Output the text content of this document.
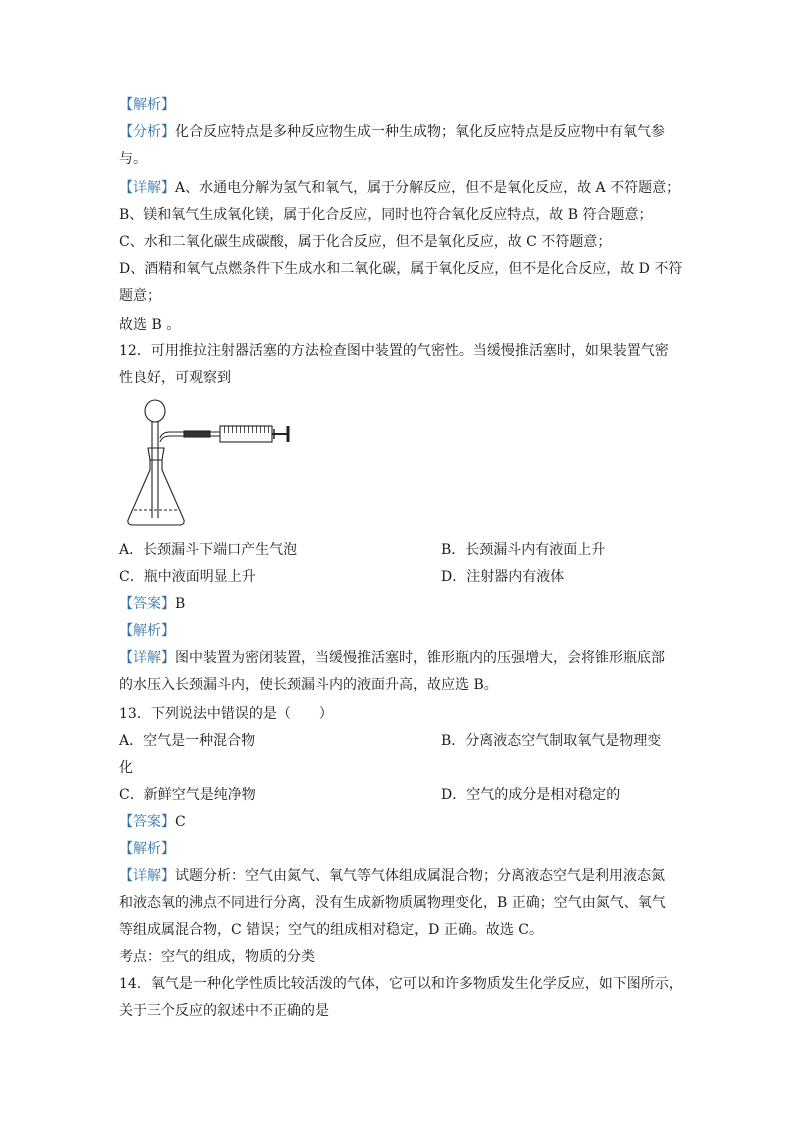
【解析】
【分析】化合反应特点是多种反应物生成一种生成物；氧化反应特点是反应物中有氧气参
与。
【详解】A、水通电分解为氢气和氧气，属于分解反应，但不是氧化反应，故 A 不符题意；
B、镁和氧气生成氧化镁，属于化合反应，同时也符合氧化反应特点，故 B 符合题意；
C、水和二氧化碳生成碳酸，属于化合反应，但不是氧化反应，故 C 不符题意；
D、酒精和氧气点燃条件下生成水和二氧化碳，属于氧化反应，但不是化合反应，故 D 不符
题意；
故选 B 。
12．可用推拉注射器活塞的方法检查图中装置的气密性。当缓慢推活塞时，如果装置气密
性良好，可观察到
A．长颈漏斗下端口产生气泡	B．长颈漏斗内有液面上升
C．瓶中液面明显上升	D．注射器内有液体
【答案】B
【解析】
【详解】图中装置为密闭装置，当缓慢推活塞时，锥形瓶内的压强增大，会将锥形瓶底部
的水压入长颈漏斗内，使长颈漏斗内的液面升高，故应选 B。
13．下列说法中错误的是（　　）
A．空气是一种混合物	B．分离液态空气制取氧气是物理变
化
C．新鲜空气是纯净物	D．空气的成分是相对稳定的
【答案】C
【解析】
【详解】试题分析：空气由氮气、氧气等气体组成属混合物；分离液态空气是利用液态氮
和液态氧的沸点不同进行分离，没有生成新物质属物理变化，B 正确；空气由氮气、氧气
等组成属混合物，C 错误；空气的组成相对稳定，D 正确。故选 C。
考点：空气的组成，物质的分类
14．氧气是一种化学性质比较活泼的气体，它可以和许多物质发生化学反应，如下图所示，
关于三个反应的叙述中不正确的是
